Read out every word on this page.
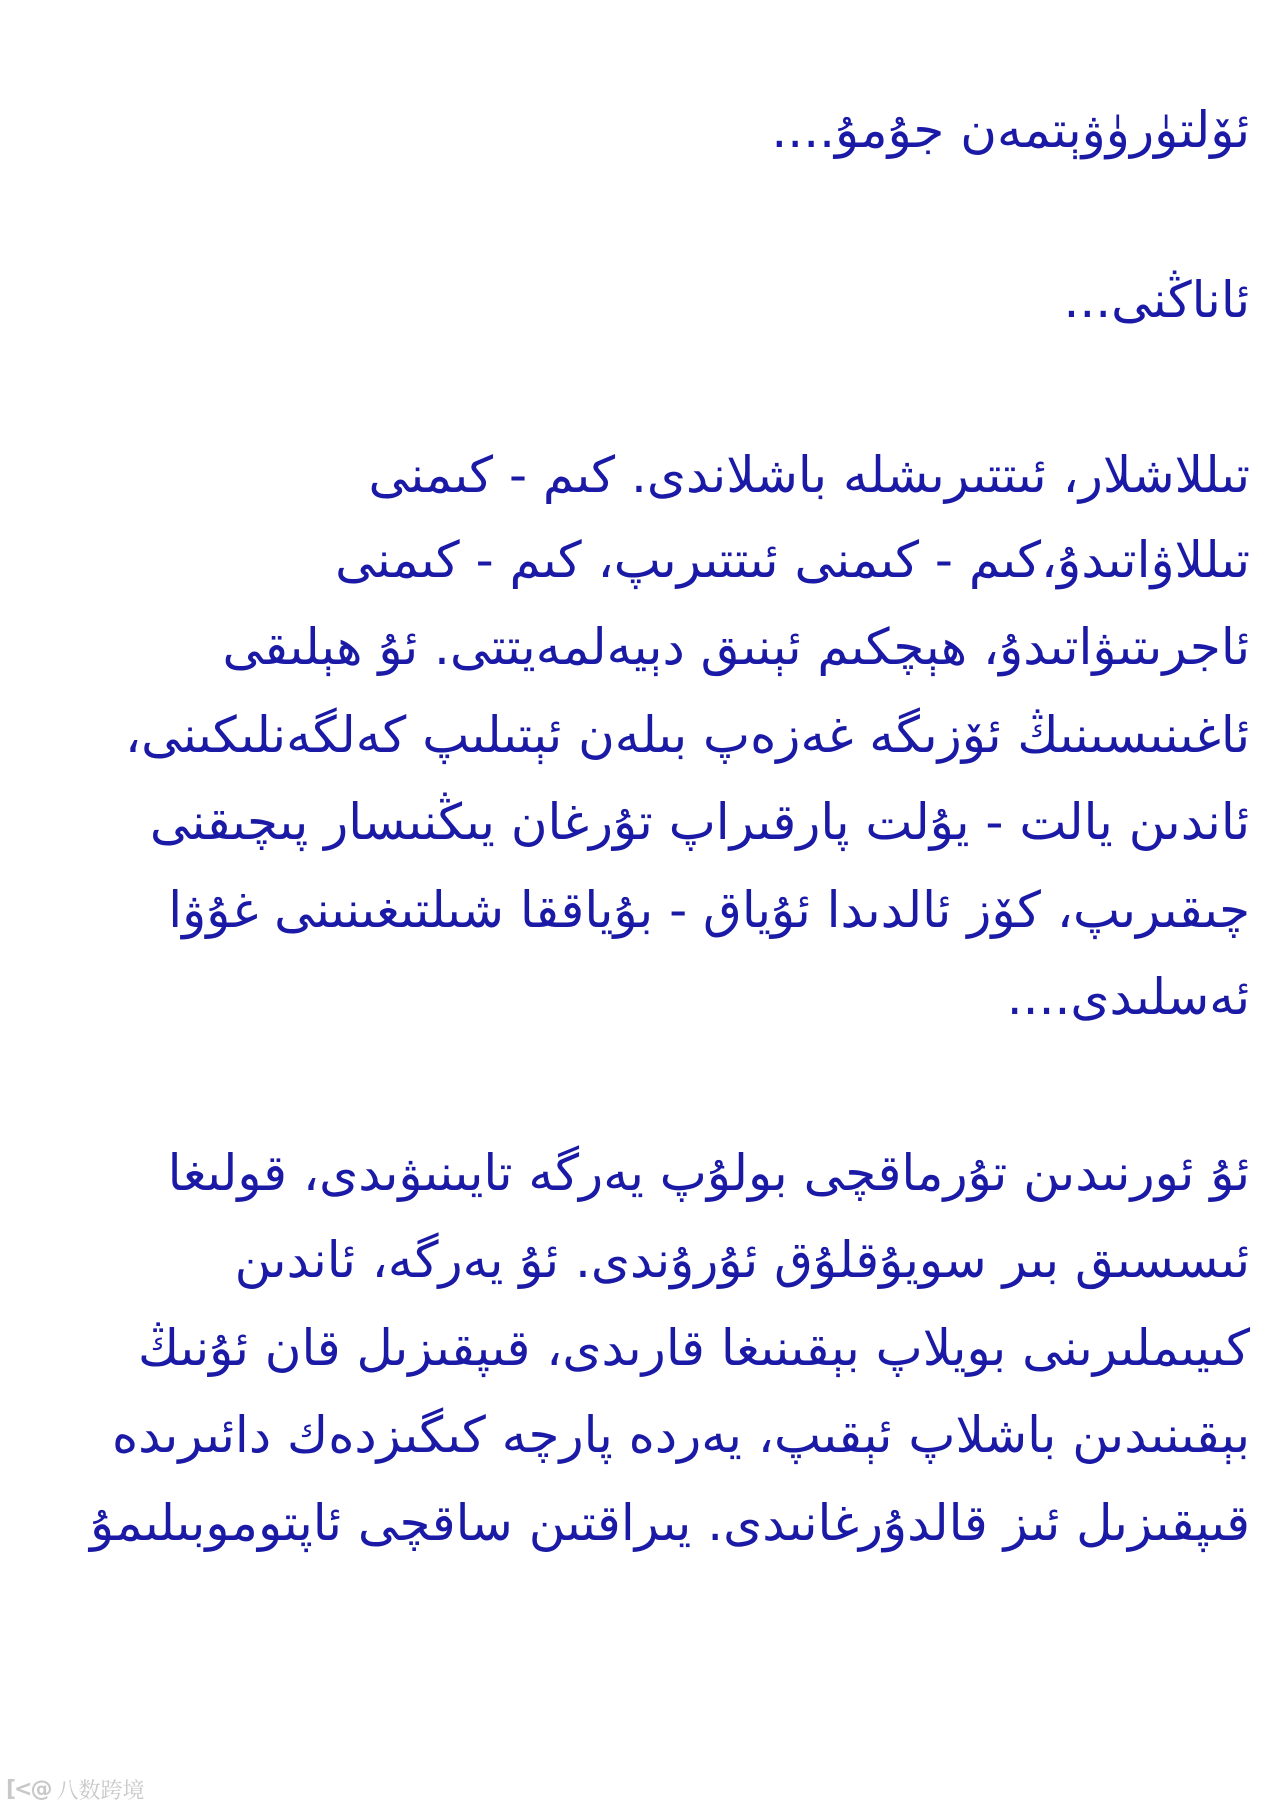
ئۆلتۈرۈۋېتمەن جۇمۇ....
ئاناڭنى...
تىللاشلار، ئىتتىرىشلە باشلاندى. كىم - كىمنى
تىللاۋاتىدۇ،كىم - كىمنى ئىتتىرىپ، كىم - كىمنى
ئاجرىتىۋاتىدۇ، ھېچكىم ئېنىق دېيەلمەيتتى. ئۇ ھېلىقى
ئاغىنىسىنىڭ ئۆزىگە غەزەپ بىلەن ئېتىلىپ كەلگەنلىكىنى،
ئاندىن يالت - يۇلت پارقىراپ تۇرغان يىڭنىسار پىچىقنى
چىقىرىپ، كۆز ئالدىدا ئۇياق - بۇياققا شىلتىغىنىنى غۇۋا
ئەسلىدى....
ئۇ ئورنىدىن تۇرماقچى بولۇپ يەرگە تايىنىۋىدى، قولىغا
ئىسسىق بىر سويۇقلۇق ئۇرۇندى. ئۇ يەرگە، ئاندىن
كىيىملىرىنى بويلاپ بېقىنىغا قارىدى، قىپقىزىل قان ئۇنىڭ
بېقىنىدىن باشلاپ ئېقىپ، يەردە پارچە كىگىزدەك دائىرىدە
قىپقىزىل ئىز قالدۇرغانىدى. يىراقتىن ساقچى ئاپتوموبىلىمۇ
[<@ 八数跨境
